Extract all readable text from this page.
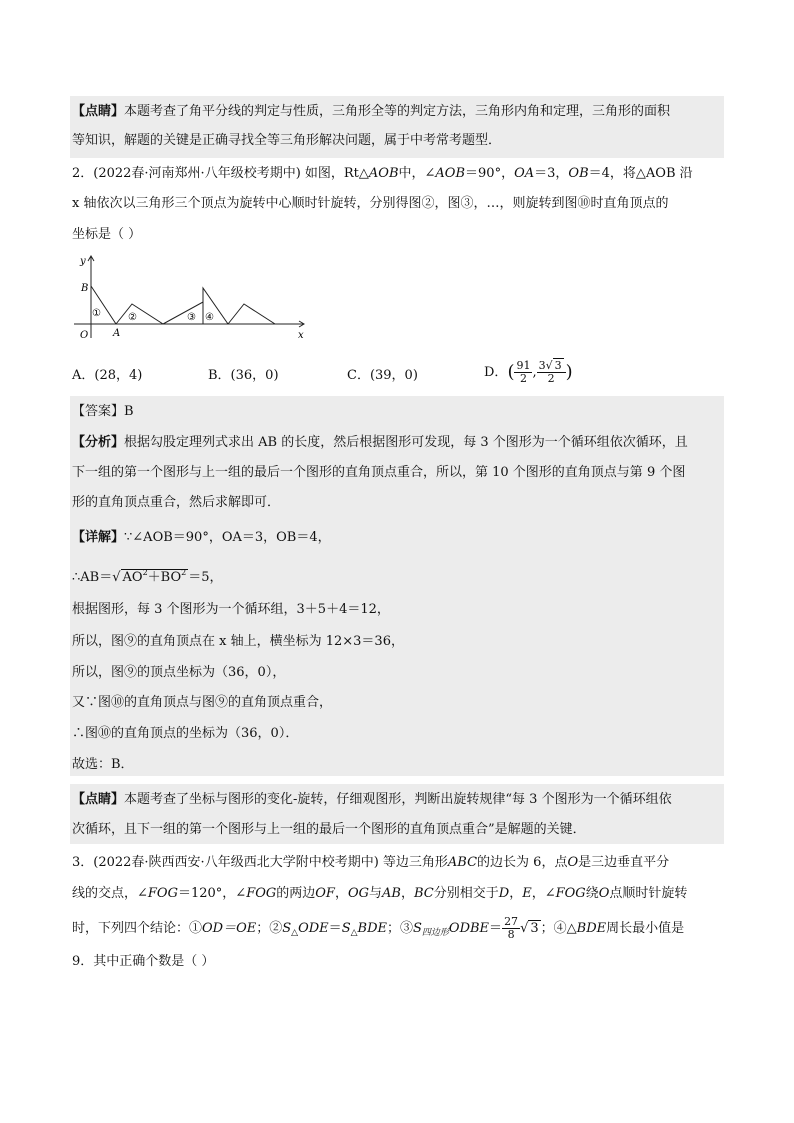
【点睛】本题考查了角平分线的判定与性质，三角形全等的判定方法，三角形内角和定理，三角形的面积
等知识，解题的关键是正确寻找全等三角形解决问题，属于中考常考题型．
2．(2022春·河南郑州·八年级校考期中) 如图，Rt△AOB中，∠AOB＝90°，OA＝3，OB＝4，将△AOB 沿
x 轴依次以三角形三个顶点为旋转中心顺时针旋转，分别得图②，图③，…，则旋转到图⑩时直角顶点的
坐标是（ ）
y
x
B
O A
①	②	③ ④
A．(28，4)	B．(36，0)	C．(39，0)	D．( $\frac{91}{2}$ , $\frac{3√ 3}{2}$ )
【答案】B
【分析】根据勾股定理列式求出 AB 的长度，然后根据图形可发现，每 3 个图形为一个循环组依次循环，且
下一组的第一个图形与上一组的最后一个图形的直角顶点重合，所以，第 10 个图形的直角顶点与第 9 个图
形的直角顶点重合，然后求解即可．
【详解】∵∠AOB＝90°，OA＝3，OB＝4，
∴AB＝√ $AO^2+BO^2 =5$，
根据图形，每 3 个图形为一个循环组，3＋5＋4＝12，
所以，图⑨的直角顶点在 x 轴上，横坐标为 12×3＝36，
所以，图⑨的顶点坐标为（36，0），
又∵图⑩的直角顶点与图⑨的直角顶点重合，
∴图⑩的直角顶点的坐标为（36，0）．
故选：B．
【点睛】本题考查了坐标与图形的变化-旋转，仔细观图形，判断出旋转规律“每 3 个图形为一个循环组依
次循环，且下一组的第一个图形与上一组的最后一个图形的直角顶点重合”是解题的关键．
3．(2022春·陕西西安·八年级西北大学附中校考期中) 等边三角形ABC的边长为 6，点O是三边垂直平分
线的交点，∠FOG＝120°，∠FOG的两边OF，OG与AB，BC分别相交于D，E，∠FOG绕O点顺时针旋转
时，下列四个结论：①OD＝OE；$②S_\triangle ODE=S_\triangle BDE$；$③S_{四边形}ODBE= \frac{27}{8}$ √ 3 ；④△BDE周长最小值是
9．其中正确个数是（ ）
